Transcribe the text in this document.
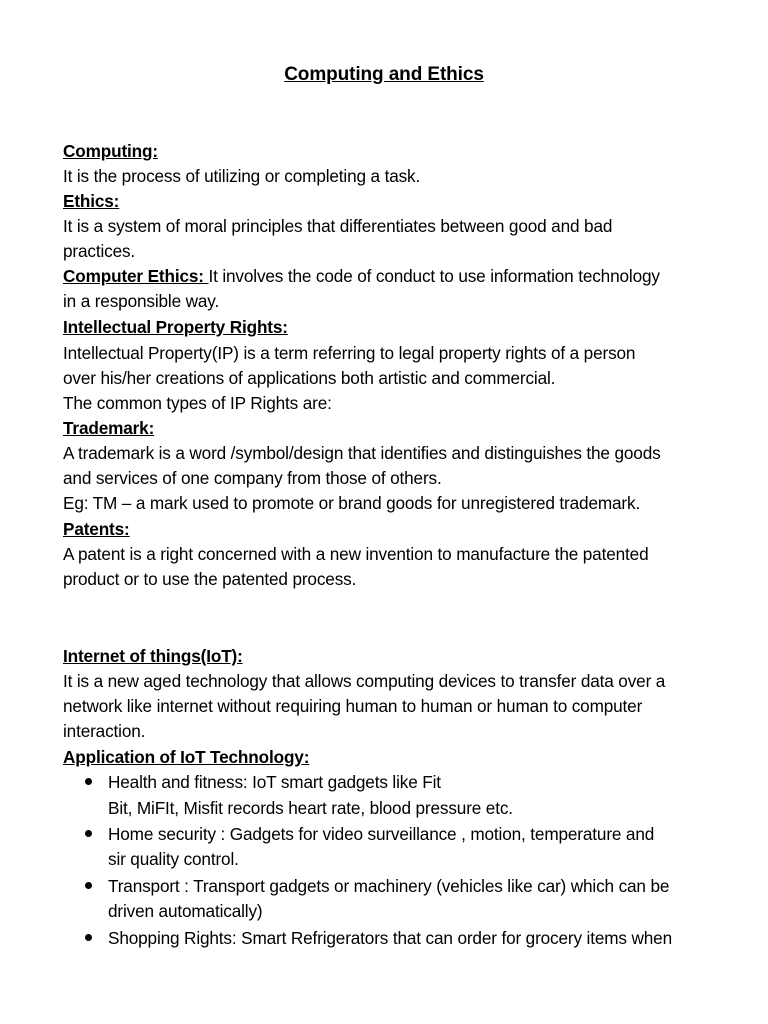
Computing and Ethics
Computing:
It is the process of utilizing or completing a task.
Ethics:
It is a system of moral principles that differentiates between good and bad
practices.
Computer Ethics: It involves the code of conduct to use information technology
in a responsible way.
Intellectual Property Rights:
Intellectual Property(IP) is a term referring to legal property rights of a person
over his/her creations of applications both artistic and commercial.
The common types of IP Rights are:
Trademark:
A trademark is a word /symbol/design that identifies and distinguishes the goods
and services of one company from those of others.
Eg: TM – a mark used to promote or brand goods for unregistered trademark.
Patents:
A patent is a right concerned with a new invention to manufacture the patented
product or to use the patented process.
Internet of things(IoT):
It is a new aged technology that allows computing devices to transfer data over a
network like internet without requiring human to human or human to computer
interaction.
Application of IoT Technology:
Health and fitness: IoT smart gadgets like Fit
Bit, MiFIt, Misfit records heart rate, blood pressure etc.
Home security : Gadgets for video surveillance , motion, temperature and
sir quality control.
Transport : Transport gadgets or machinery (vehicles like car) which can be
driven automatically)
Shopping Rights: Smart Refrigerators that can order for grocery items when
